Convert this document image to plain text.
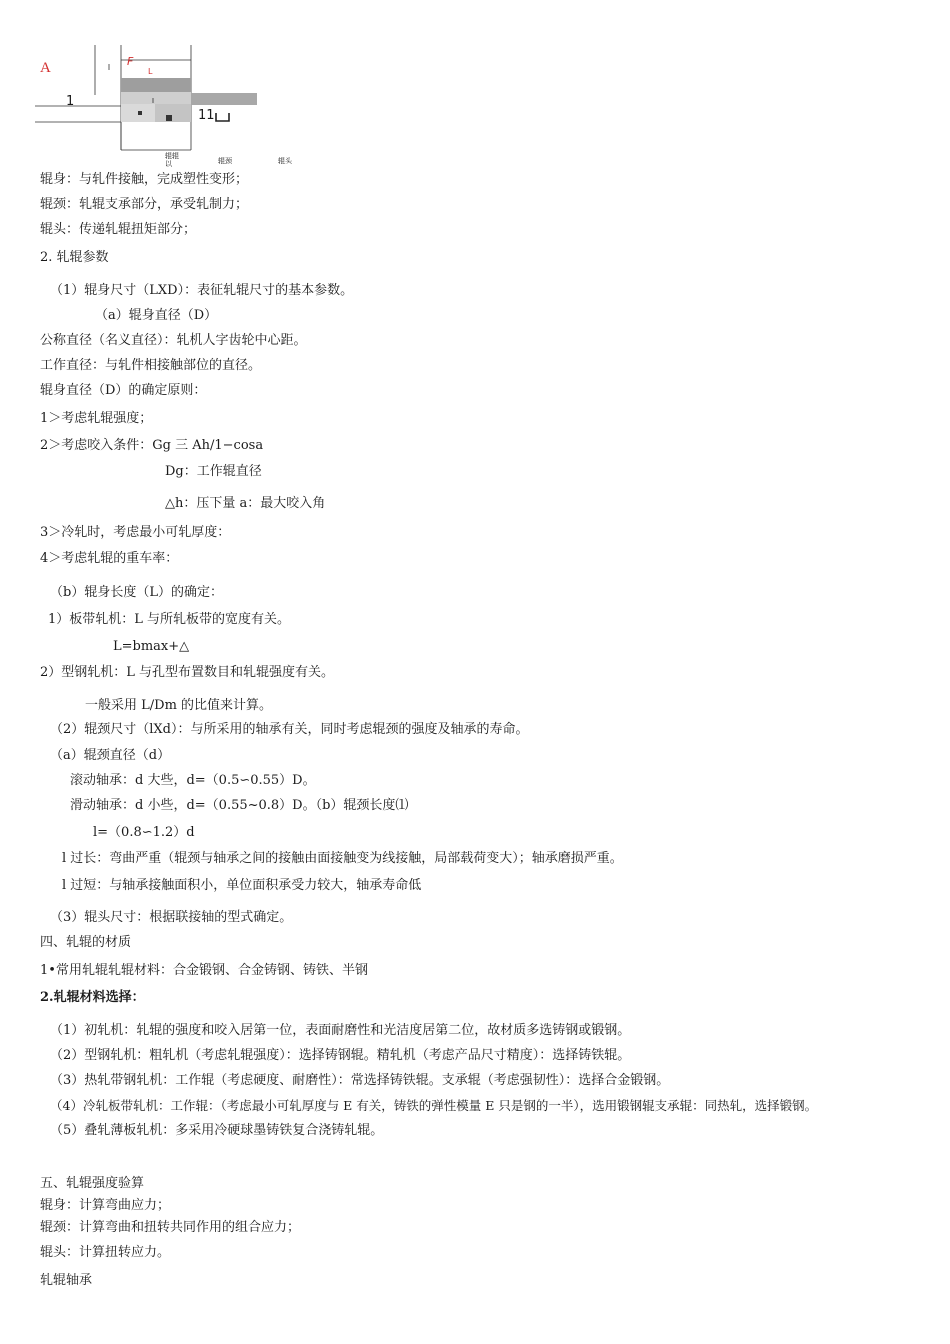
A	F
L
1
11
辊辊
以	辊颈	辊头
辊身：与轧件接触，完成塑性变形；
辊颈：轧辊支承部分，承受轧制力；
辊头：传递轧辊扭矩部分；
2. 轧辊参数
（1）辊身尺寸（LXD）：表征轧辊尺寸的基本参数。
（a）辊身直径（D）
公称直径（名义直径）：轧机人字齿轮中心距。
工作直径：与轧件相接触部位的直径。
辊身直径（D）的确定原则：
1＞考虑轧辊强度；
2＞考虑咬入条件：Gg 三 Ah/1−cosa
Dg：工作辊直径
△h：压下量 a：最大咬入角
3＞冷轧时，考虑最小可轧厚度：
4＞考虑轧辊的重车率：
（b）辊身长度（L）的确定：
1）板带轧机：L 与所轧板带的宽度有关。
L=bmax+△
2）型钢轧机：L 与孔型布置数目和轧辊强度有关。
一般采用 L/Dm 的比值来计算。
（2）辊颈尺寸（lXd）：与所采用的轴承有关，同时考虑辊颈的强度及轴承的寿命。
（a）辊颈直径（d）
滚动轴承：d 大些，d=（0.5∽0.55）D。
滑动轴承：d 小些，d=（0.55~0.8）D。（b）辊颈长度⑴
l=（0.8∽1.2）d
l 过长：弯曲严重（辊颈与轴承之间的接触由面接触变为线接触，局部载荷变大）；轴承磨损严重。
l 过短：与轴承接触面积小，单位面积承受力较大，轴承寿命低
（3）辊头尺寸：根据联接轴的型式确定。
四、轧辊的材质
1•常用轧辊轧辊材料：合金锻钢、合金铸钢、铸铁、半钢
2.轧辊材料选择：
（1）初轧机：轧辊的强度和咬入居第一位，表面耐磨性和光洁度居第二位，故材质多选铸钢或锻钢。
（2）型钢轧机：粗轧机（考虑轧辊强度）：选择铸钢辊。精轧机（考虑产品尺寸精度）：选择铸铁辊。
（3）热轧带钢轧机：工作辊（考虑硬度、耐磨性）：常选择铸铁辊。支承辊（考虑强韧性）：选择合金锻钢。
（4）冷轧板带轧机：工作辊：（考虑最小可轧厚度与 E 有关，铸铁的弹性模量 E 只是钢的一半），选用锻钢辊支承辊：同热轧，选择锻钢。
（5）叠轧薄板轧机：多采用冷硬球墨铸铁复合浇铸轧辊。
五、轧辊强度验算
辊身：计算弯曲应力；
辊颈：计算弯曲和扭转共同作用的组合应力；
辊头：计算扭转应力。
轧辊轴承
